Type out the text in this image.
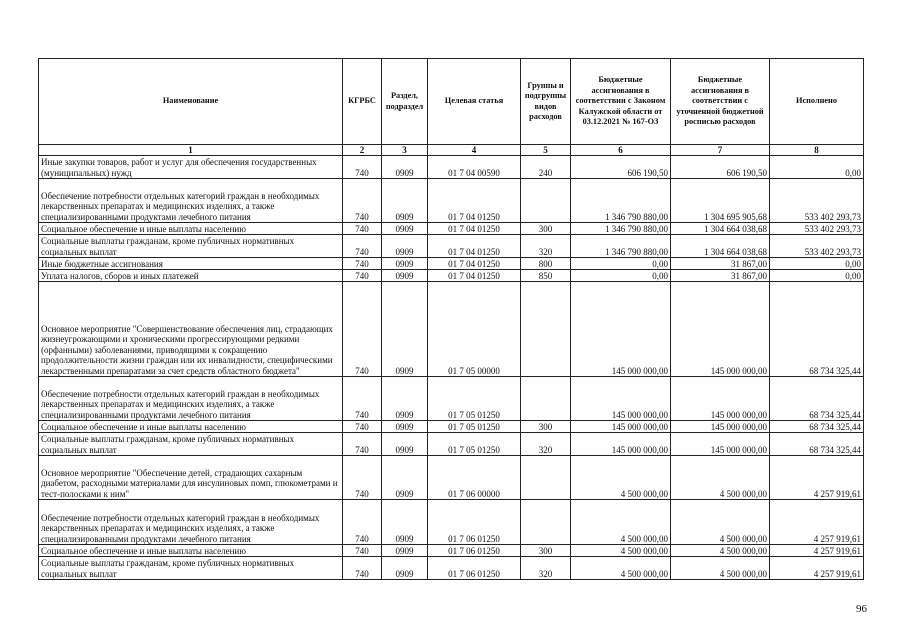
Наименование	КГРБС	Раздел, подраздел	Целевая статья	Группы и подгруппы видов расходов	Бюджетные ассигнования в соответствии с Законом Калужской области от 03.12.2021 № 167-ОЗ	Бюджетные ассигнования в соответствии с уточненной бюджетной росписью расходов	Исполнено
1	2	3	4	5	6	7	8
Иные закупки товаров, работ и услуг для обеспечения государственных (муниципальных) нужд	740	0909	01 7 04 00590	240	606 190,50	606 190,50	0,00
Обеспечение потребности отдельных категорий граждан в необходимых лекарственных препаратах и медицинских изделиях, а также специализированными продуктами лечебного питания	740	0909	01 7 04 01250		1 346 790 880,00	1 304 695 905,68	533 402 293,73
Социальное обеспечение и иные выплаты населению	740	0909	01 7 04 01250	300	1 346 790 880,00	1 304 664 038,68	533 402 293,73
Социальные выплаты гражданам, кроме публичных нормативных социальных выплат	740	0909	01 7 04 01250	320	1 346 790 880,00	1 304 664 038,68	533 402 293,73
Иные бюджетные ассигнования	740	0909	01 7 04 01250	800	0,00	31 867,00	0,00
Уплата налогов, сборов и иных платежей	740	0909	01 7 04 01250	850	0,00	31 867,00	0,00
Основное мероприятие "Совершенствование обеспечения лиц, страдающих жизнеугрожающими и хроническими прогрессирующими редкими (орфанными) заболеваниями, приводящими к сокращению продолжительности жизни граждан или их инвалидности, специфическими лекарственными препаратами за счет средств областного бюджета"	740	0909	01 7 05 00000		145 000 000,00	145 000 000,00	68 734 325,44
Обеспечение потребности отдельных категорий граждан в необходимых лекарственных препаратах и медицинских изделиях, а также специализированными продуктами лечебного питания	740	0909	01 7 05 01250		145 000 000,00	145 000 000,00	68 734 325,44
Социальное обеспечение и иные выплаты населению	740	0909	01 7 05 01250	300	145 000 000,00	145 000 000,00	68 734 325,44
Социальные выплаты гражданам, кроме публичных нормативных социальных выплат	740	0909	01 7 05 01250	320	145 000 000,00	145 000 000,00	68 734 325,44
Основное мероприятие "Обеспечение детей, страдающих сахарным диабетом, расходными материалами для инсулиновых помп, глюкометрами и тест-полосками к ним"	740	0909	01 7 06 00000		4 500 000,00	4 500 000,00	4 257 919,61
Обеспечение потребности отдельных категорий граждан в необходимых лекарственных препаратах и медицинских изделиях, а также специализированными продуктами лечебного питания	740	0909	01 7 06 01250		4 500 000,00	4 500 000,00	4 257 919,61
Социальное обеспечение и иные выплаты населению	740	0909	01 7 06 01250	300	4 500 000,00	4 500 000,00	4 257 919,61
Социальные выплаты гражданам, кроме публичных нормативных социальных выплат	740	0909	01 7 06 01250	320	4 500 000,00	4 500 000,00	4 257 919,61
96
